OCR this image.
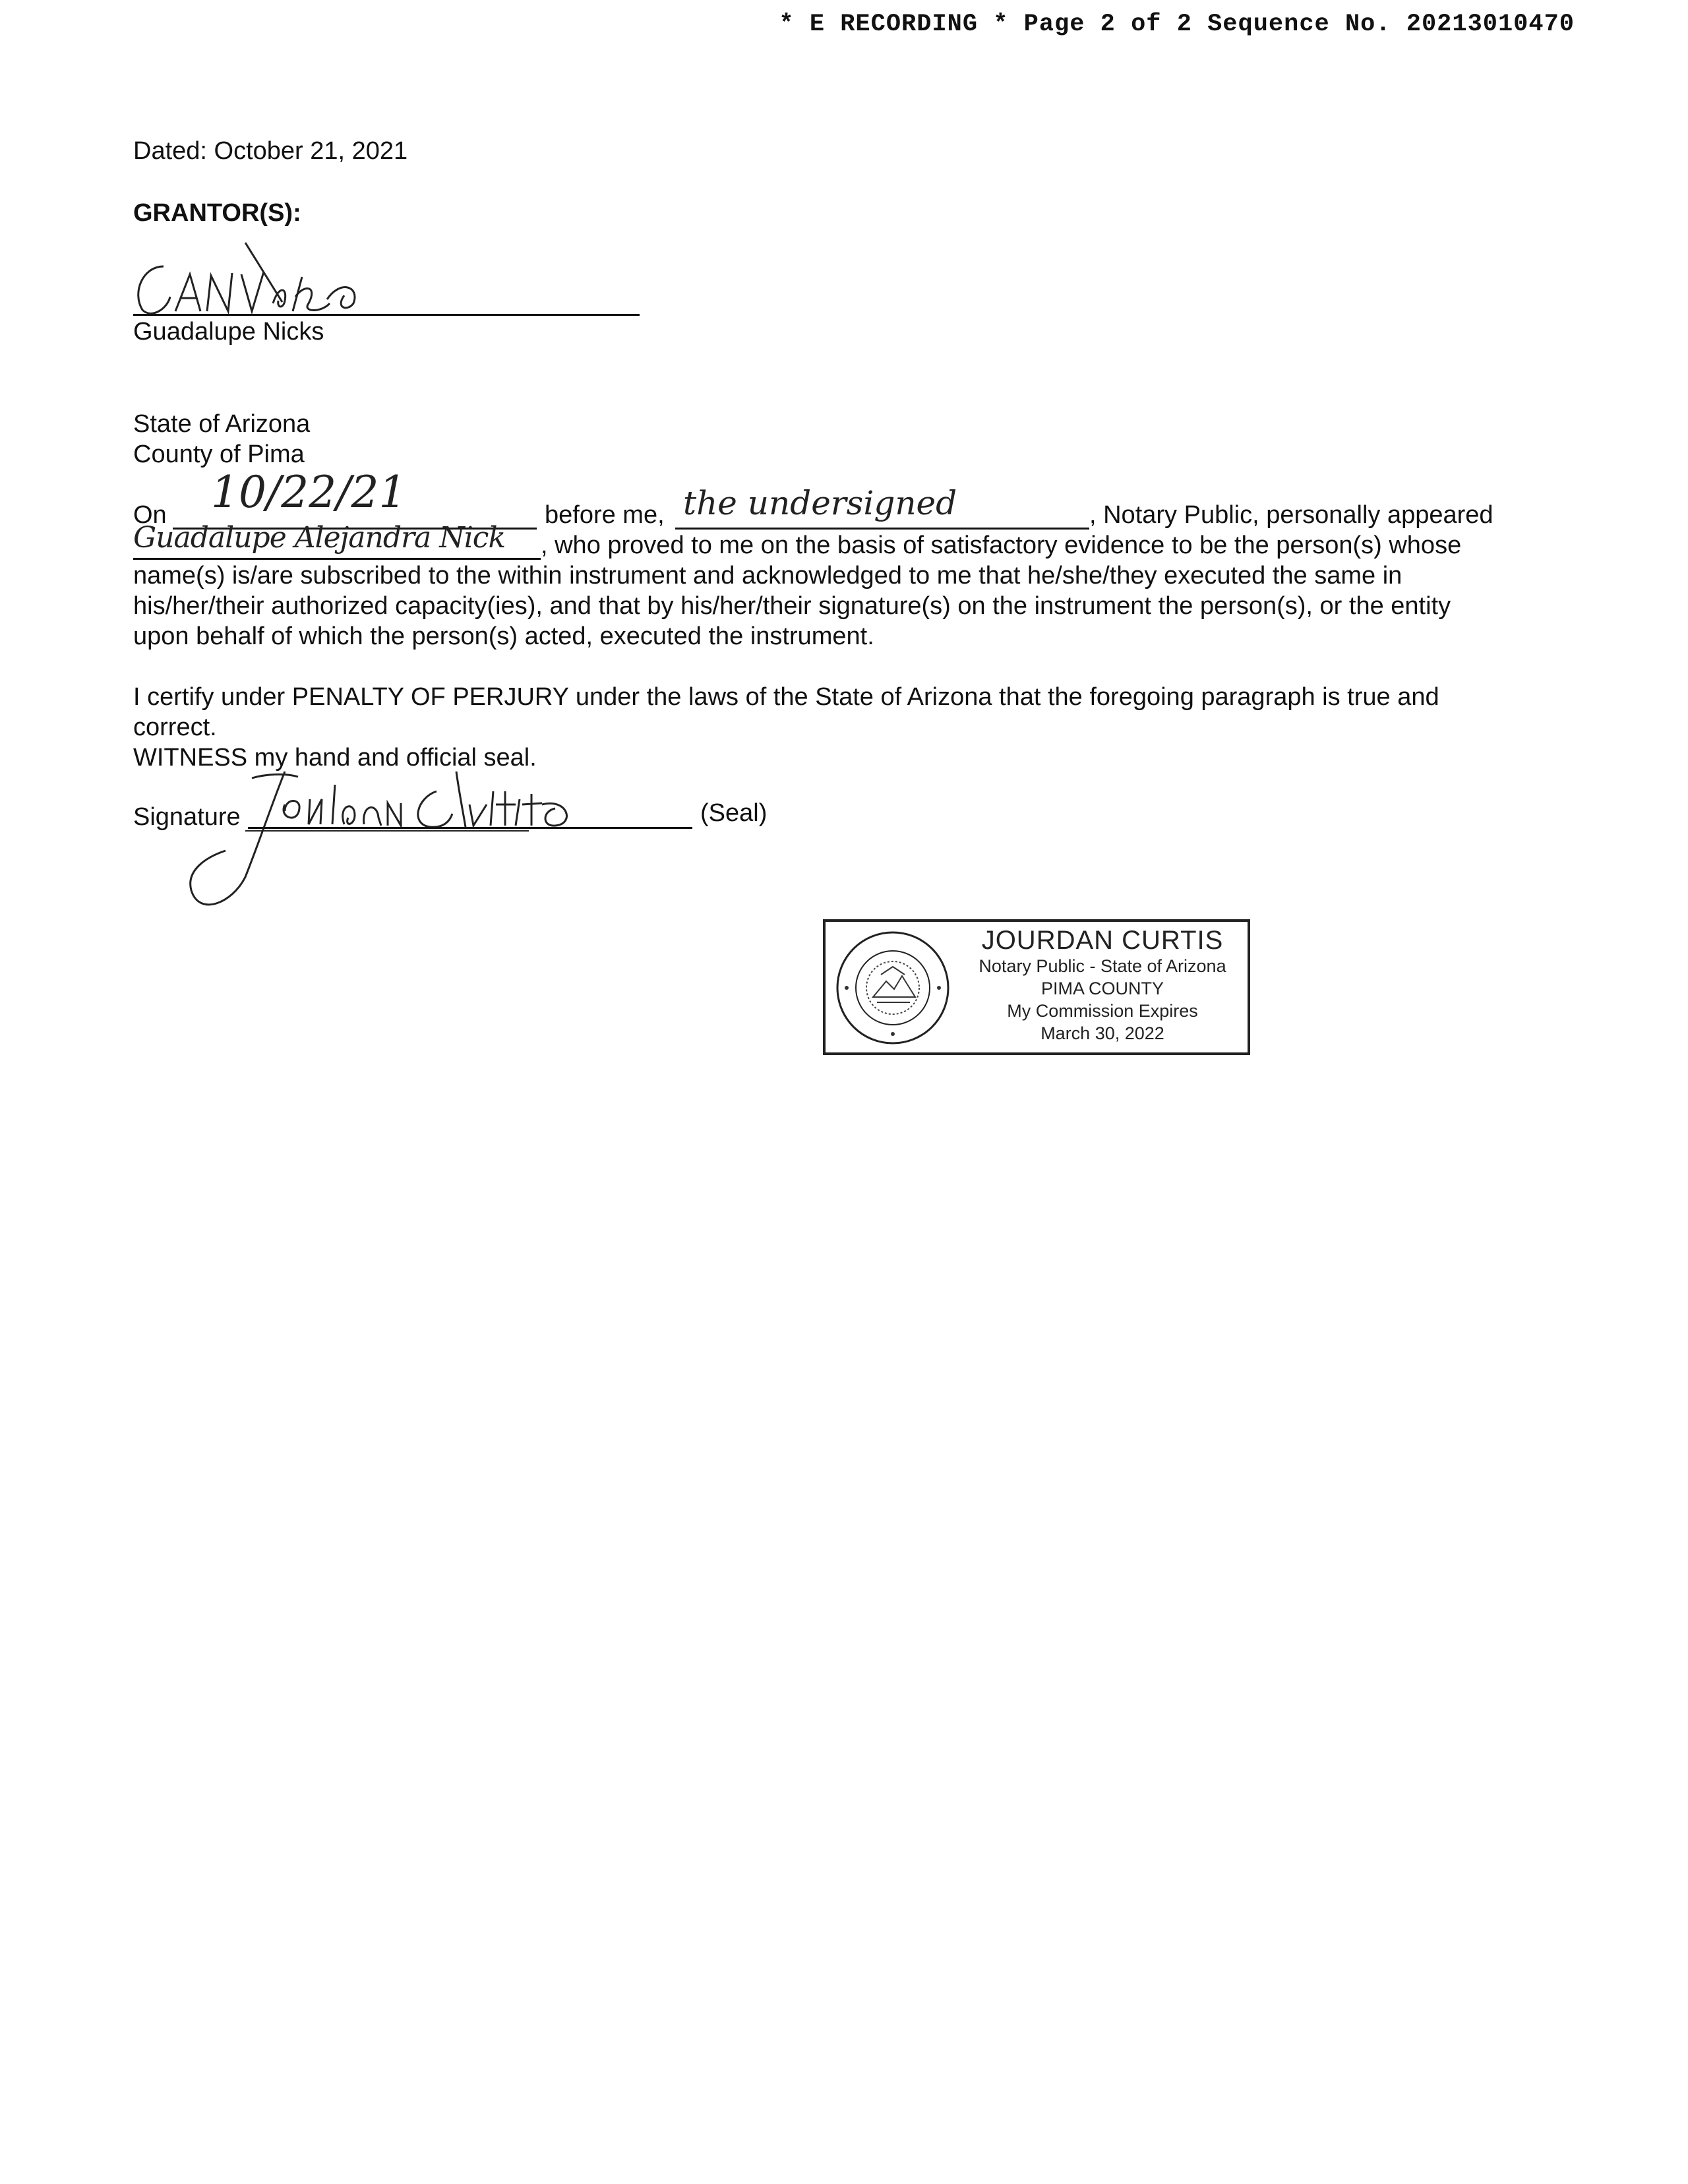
* E RECORDING * Page 2 of 2 Sequence No. 20213010470
Dated: October 21, 2021
GRANTOR(S):
Guadalupe Nicks
State of Arizona
County of Pima
On 10/22/21	before me, the undersigned	, Notary Public, personally appeared
Guadalupe Alejandra Nick , who proved to me on the basis of satisfactory evidence to be the person(s) whose
name(s) is/are subscribed to the within instrument and acknowledged to me that he/she/they executed the same in
his/her/their authorized capacity(ies), and that by his/her/their signature(s) on the instrument the person(s), or the entity
upon behalf of which the person(s) acted, executed the instrument.
I certify under PENALTY OF PERJURY under the laws of the State of Arizona that the foregoing paragraph is true and
correct.
WITNESS my hand and official seal.
Signature	(Seal)
JOURDAN CURTIS
Notary Public - State of Arizona
PIMA COUNTY
My Commission Expires
March 30, 2022
